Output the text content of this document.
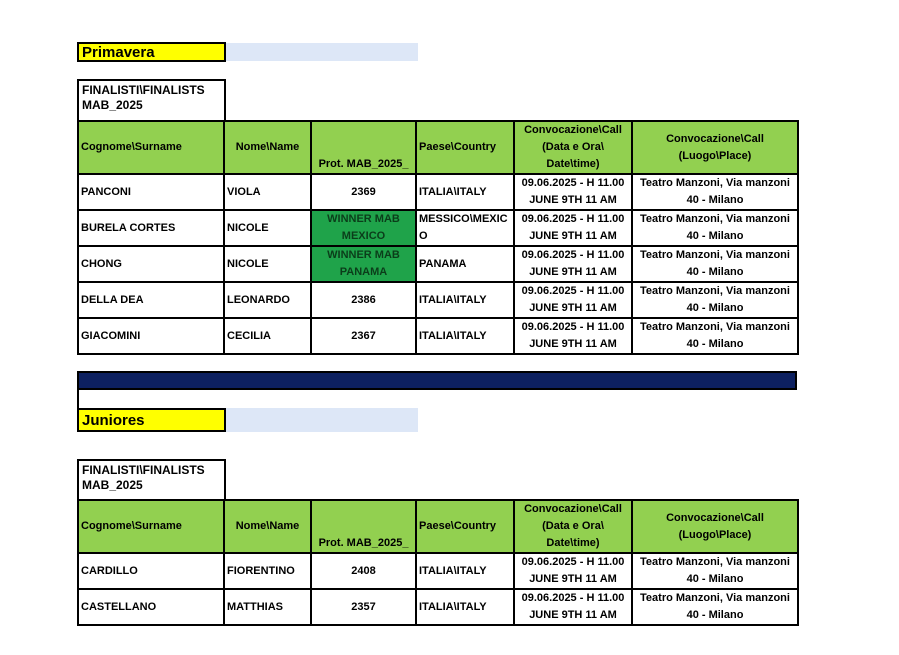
Primavera
FINALISTI\FINALISTS MAB_2025
Cognome\Surname	Nome\Name	Prot. MAB_2025_	Paese\Country	Convocazione\Call (Data e Ora\ Date\time)	Convocazione\Call (Luogo\Place)
PANCONI	VIOLA	2369	ITALIA\ITALY	09.06.2025 - H 11.00 JUNE 9TH 11 AM	Teatro Manzoni, Via manzoni 40 - Milano
BURELA CORTES	NICOLE	WINNER MAB MEXICO	MESSICO\MEXICO	09.06.2025 - H 11.00 JUNE 9TH 11 AM	Teatro Manzoni, Via manzoni 40 - Milano
CHONG	NICOLE	WINNER MAB PANAMA	PANAMA	09.06.2025 - H 11.00 JUNE 9TH 11 AM	Teatro Manzoni, Via manzoni 40 - Milano
DELLA DEA	LEONARDO	2386	ITALIA\ITALY	09.06.2025 - H 11.00 JUNE 9TH 11 AM	Teatro Manzoni, Via manzoni 40 - Milano
GIACOMINI	CECILIA	2367	ITALIA\ITALY	09.06.2025 - H 11.00 JUNE 9TH 11 AM	Teatro Manzoni, Via manzoni 40 - Milano
Juniores
FINALISTI\FINALISTS MAB_2025
Cognome\Surname	Nome\Name	Prot. MAB_2025_	Paese\Country	Convocazione\Call (Data e Ora\ Date\time)	Convocazione\Call (Luogo\Place)
CARDILLO	FIORENTINO	2408	ITALIA\ITALY	09.06.2025 - H 11.00 JUNE 9TH 11 AM	Teatro Manzoni, Via manzoni 40 - Milano
CASTELLANO	MATTHIAS	2357	ITALIA\ITALY	09.06.2025 - H 11.00 JUNE 9TH 11 AM	Teatro Manzoni, Via manzoni 40 - Milano
